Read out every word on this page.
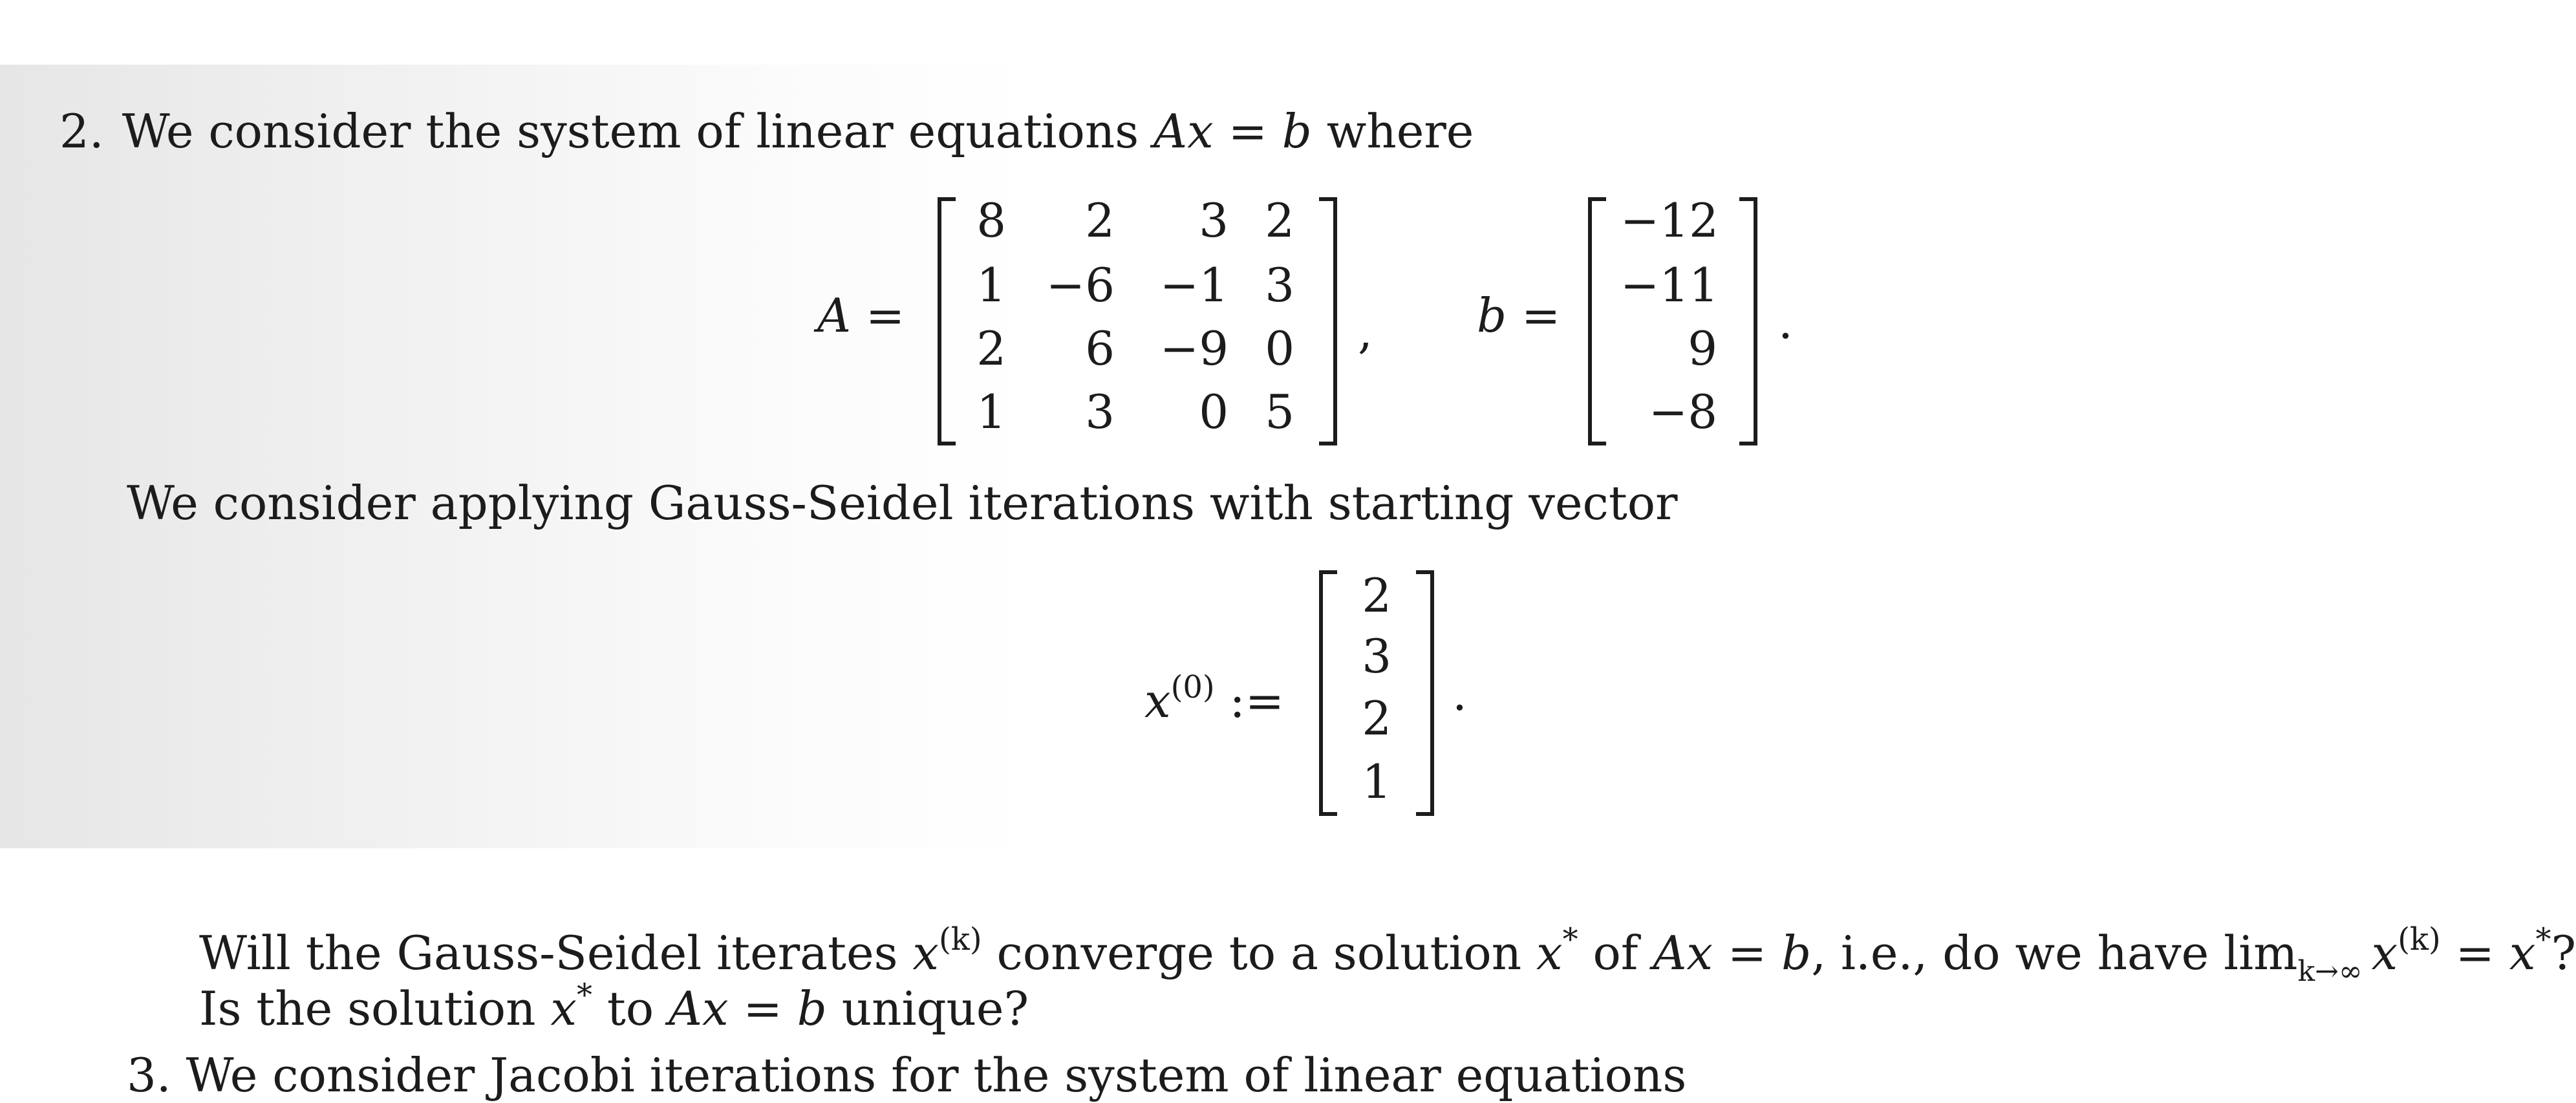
2. We consider the system of linear equations Ax = b where
A =
8	2	3 2
1 −6 −1 3
2	6 −9 0
1	3	0 5
, b =
−12
−11
9
−8
.
We consider applying Gauss-Seidel iterations with starting vector
$x^{(0)}$ :=
2
3
2
1
.
Will the Gauss-Seidel iterates $x^{(k)}$ converge to a solution x* of Ax = b, i.e., do we have $\lim_{k\to\infty} x^{(k)} = x^*$?
Is the solution x* to Ax = b unique?
3. We consider Jacobi iterations for the system of linear equations
